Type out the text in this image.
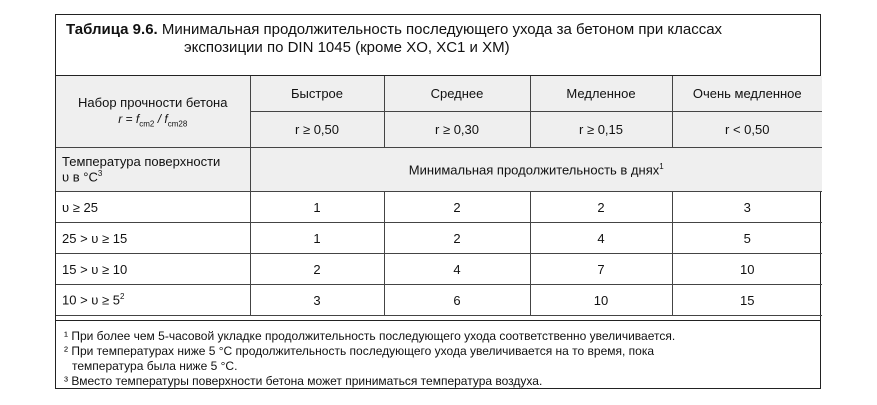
Таблица 9.6. Минимальная продолжительность последующего ухода за бетоном при классах
экспозиции по DIN 1045 (кроме XO, XC1 и XM)
Набор прочности бетона
$r = f_{cm2} / f_{cm28}$	Быстрое	Среднее	Медленное	Очень медленное
	r ≥ 0,50	r ≥ 0,30	r ≥ 0,15	r < 0,50
Температура поверхности
υ в $^\circ C^3$	Минимальная продолжительность в днях$^1$
υ ≥ 25	1	2	2	3
25 > υ ≥ 15	1	2	4	5
15 > υ ≥ 10	2	4	7	10
$10 > \upsilon \ge 5^2$	3	6	10	15

¹ При более чем 5-часовой укладке продолжительность последующего ухода соответственно увеличивается.

² При температурах ниже 5 °C продолжительность последующего ухода увеличивается на то время, пока

температура была ниже 5 °C.

³ Вместо температуры поверхности бетона может приниматься температура воздуха.
